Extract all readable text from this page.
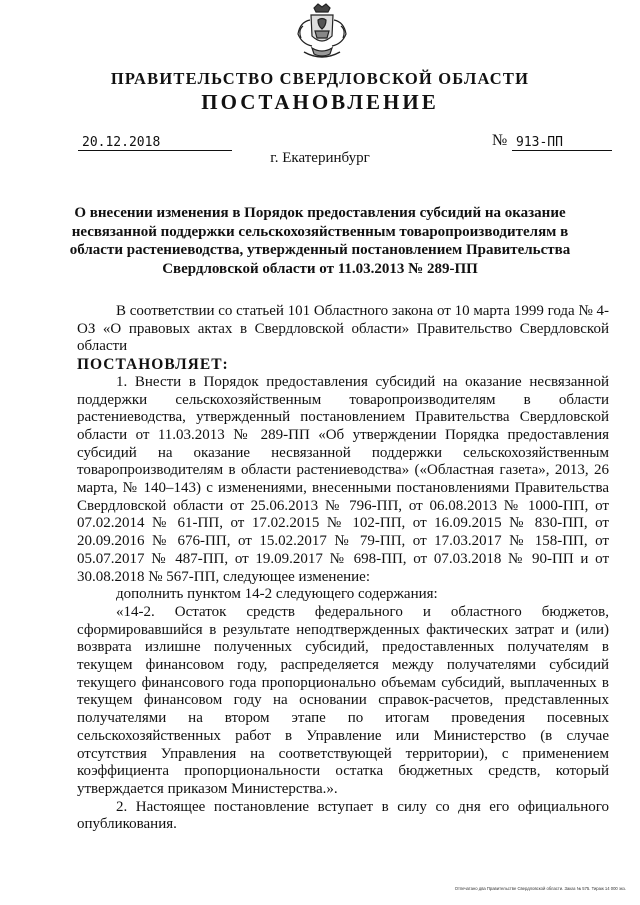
ПРАВИТЕЛЬСТВО СВЕРДЛОВСКОЙ ОБЛАСТИ
ПОСТАНОВЛЕНИЕ
20.12.2018	№ 913-ПП
г. Екатеринбург
О внесении изменения в Порядок предоставления субсидий на оказание несвязанной поддержки сельскохозяйственным товаропроизводителям в области растениеводства, утвержденный постановлением Правительства Свердловской области от 11.03.2013 № 289-ПП

В соответствии со статьей 101 Областного закона от 10 марта 1999 года № 4-ОЗ «О правовых актах в Свердловской области» Правительство Свердловской области

ПОСТАНОВЛЯЕТ:

1. Внести в Порядок предоставления субсидий на оказание несвязанной поддержки сельскохозяйственным товаропроизводителям в области растениеводства, утвержденный постановлением Правительства Свердловской области от 11.03.2013 № 289-ПП «Об утверждении Порядка предоставления субсидий на оказание несвязанной поддержки сельскохозяйственным товаропроизводителям в области растениеводства» («Областная газета», 2013, 26 марта, № 140–143) с изменениями, внесенными постановлениями Правительства Свердловской области от 25.06.2013 № 796-ПП, от 06.08.2013 № 1000-ПП, от 07.02.2014 № 61-ПП, от 17.02.2015 № 102-ПП, от 16.09.2015 № 830-ПП, от 20.09.2016 № 676-ПП, от 15.02.2017 № 79-ПП, от 17.03.2017 № 158-ПП, от 05.07.2017 № 487-ПП, от 19.09.2017 № 698-ПП, от 07.03.2018 № 90-ПП и от 30.08.2018 № 567-ПП, следующее изменение:

дополнить пунктом 14-2 следующего содержания:

«14-2. Остаток средств федерального и областного бюджетов, сформировавшийся в результате неподтвержденных фактических затрат и (или) возврата излишне полученных субсидий, предоставленных получателям в текущем финансовом году, распределяется между получателями субсидий текущего финансового года пропорционально объемам субсидий, выплаченных в текущем финансовом году на основании справок-расчетов, представленных получателями на втором этапе по итогам проведения посевных сельскохозяйственных работ в Управление или Министерство (в случае отсутствия Управления на соответствующей территории), с применением коэффициента пропорциональности остатка бюджетных средств, который утверждается приказом Министерства.».

2. Настоящее постановление вступает в силу со дня его официального опубликования.

Отпечатано два Правительстве Свердловской области. Заказ № 575. Тираж 14 000 экз.
